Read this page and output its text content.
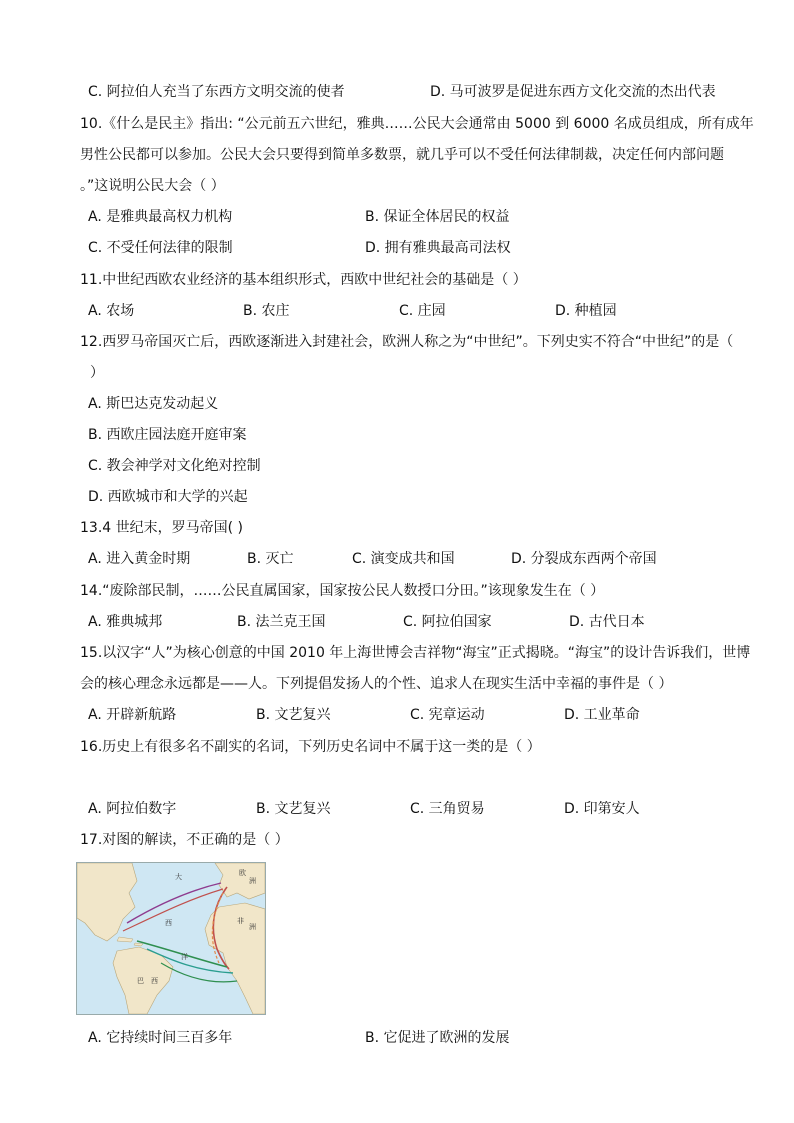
C. 阿拉伯人充当了东西方文明交流的使者	D. 马可波罗是促进东西方文化交流的杰出代表
10.《什么是民主》指出: “公元前五六世纪，雅典……公民大会通常由 5000 到 6000 名成员组成，所有成年
男性公民都可以参加。公民大会只要得到简单多数票，就几乎可以不受任何法律制裁，决定任何内部问题
。”这说明公民大会（ ）
A. 是雅典最高权力机构	B. 保证全体居民的权益
C. 不受任何法律的限制	D. 拥有雅典最高司法权
11.中世纪西欧农业经济的基本组织形式，西欧中世纪社会的基础是（ ）
A. 农场	B. 农庄	C. 庄园	D. 种植园
12.西罗马帝国灭亡后，西欧逐渐进入封建社会，欧洲人称之为“中世纪”。下列史实不符合“中世纪”的是（
）
A. 斯巴达克发动起义
B. 西欧庄园法庭开庭审案
C. 教会神学对文化绝对控制
D. 西欧城市和大学的兴起
13.4 世纪末，罗马帝国( )
A. 进入黄金时期	B. 灭亡	C. 演变成共和国	D. 分裂成东西两个帝国
14.“废除部民制，……公民直属国家，国家按公民人数授口分田。”该现象发生在（ ）
A. 雅典城邦	B. 法兰克王国	C. 阿拉伯国家	D. 古代日本
15.以汉字“人”为核心创意的中国 2010 年上海世博会吉祥物“海宝”正式揭晓。“海宝”的设计告诉我们，世博
会的核心理念永远都是——人。下列提倡发扬人的个性、追求人在现实生活中幸福的事件是（ ）
A. 开辟新航路	B. 文艺复兴	C. 宪章运动	D. 工业革命
16.历史上有很多名不副实的名词，下列历史名词中不属于这一类的是（ ）
A. 阿拉伯数字	B. 文艺复兴	C. 三角贸易	D. 印第安人
17.对图的解读，不正确的是（ ）
大
西
洋
巴 西
欧
洲
非
洲
A. 它持续时间三百多年	B. 它促进了欧洲的发展
